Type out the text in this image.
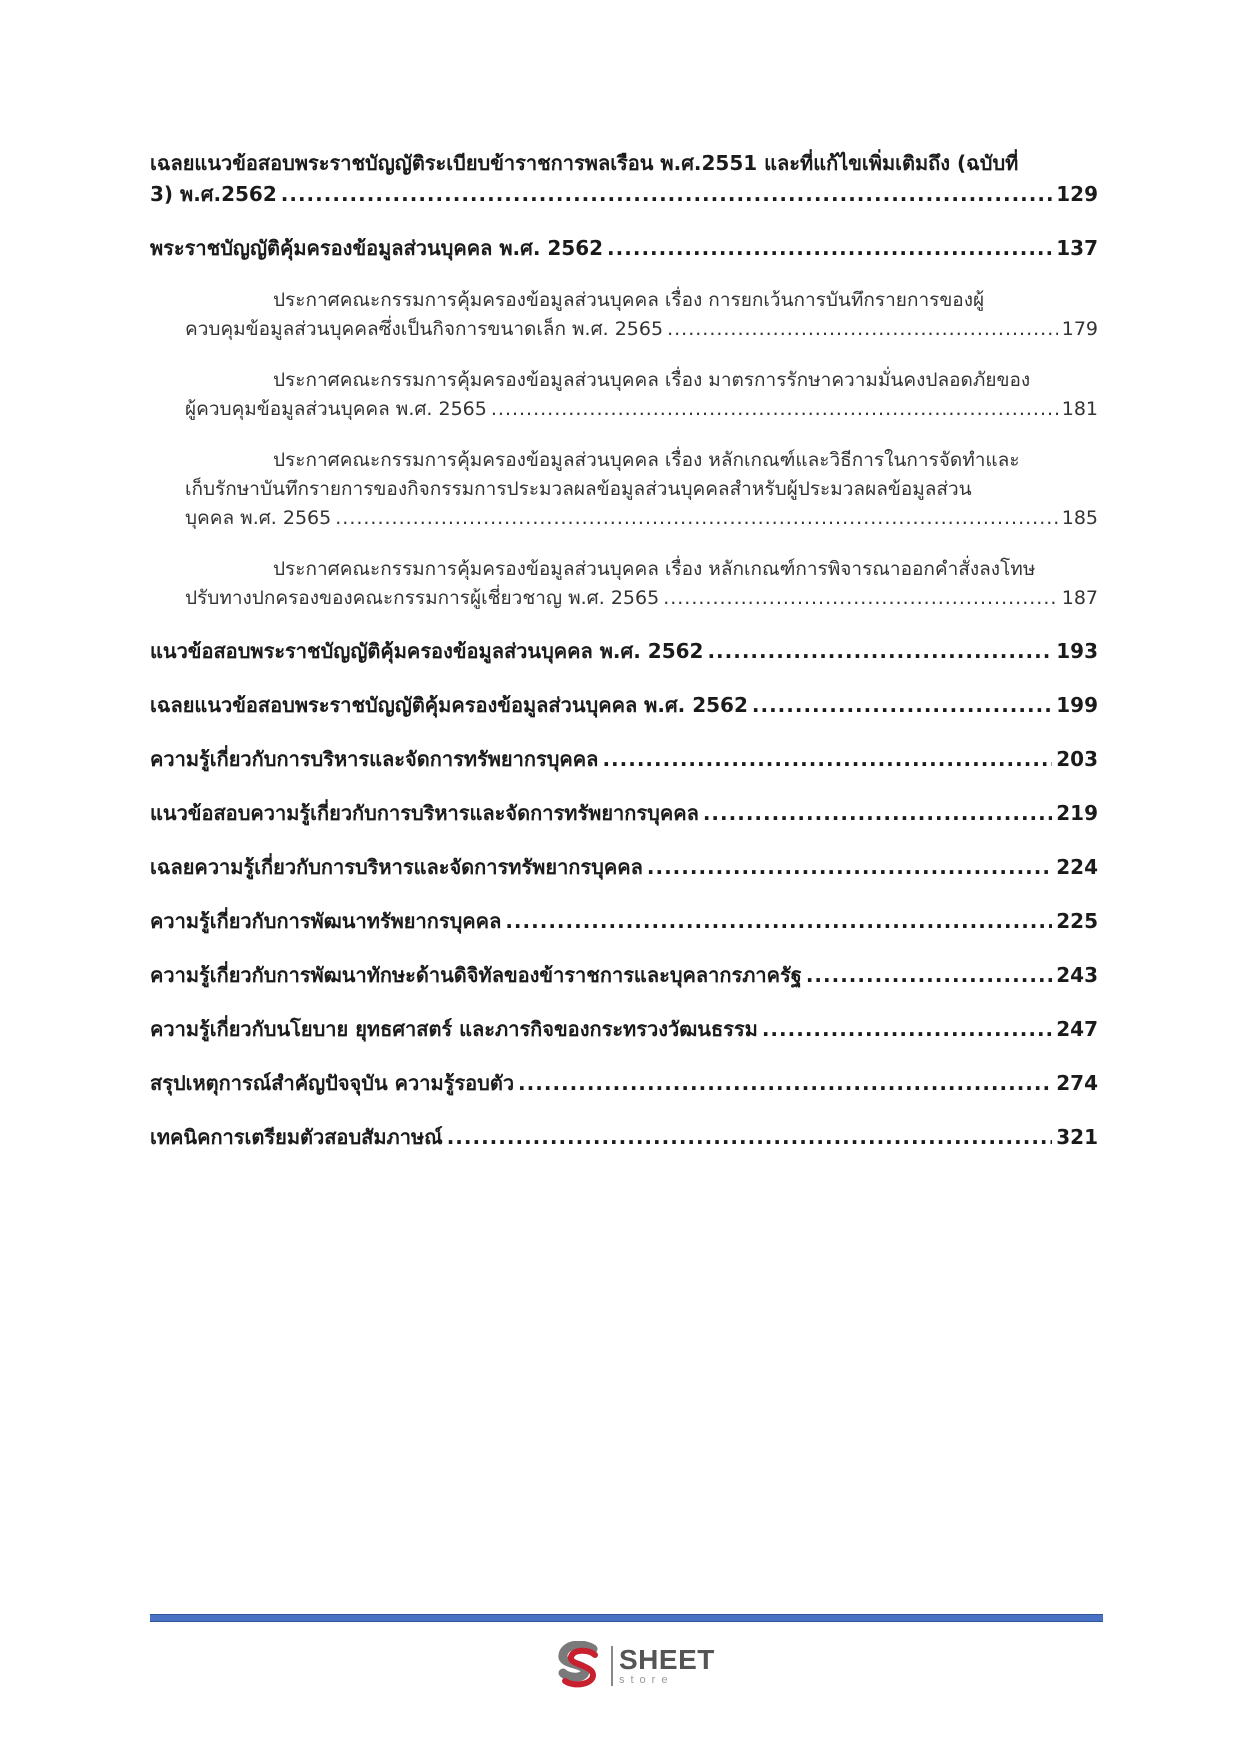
เฉลยแนวข้อสอบพระราชบัญญัติระเบียบข้าราชการพลเรือน พ.ศ.2551 และที่แก้ไขเพิ่มเติมถึง (ฉบับที่
3) พ.ศ.2562 .....	129
พระราชบัญญัติคุ้มครองข้อมูลส่วนบุคคล พ.ศ. 2562 .....	137
ประกาศคณะกรรมการคุ้มครองข้อมูลส่วนบุคคล เรื่อง การยกเว้นการบันทึกรายการของผู้
ควบคุมข้อมูลส่วนบุคคลซึ่งเป็นกิจการขนาดเล็ก พ.ศ. 2565 .....	179
ประกาศคณะกรรมการคุ้มครองข้อมูลส่วนบุคคล เรื่อง มาตรการรักษาความมั่นคงปลอดภัยของ
ผู้ควบคุมข้อมูลส่วนบุคคล พ.ศ. 2565 .....	181
ประกาศคณะกรรมการคุ้มครองข้อมูลส่วนบุคคล เรื่อง หลักเกณฑ์และวิธีการในการจัดทำและ
เก็บรักษาบันทึกรายการของกิจกรรมการประมวลผลข้อมูลส่วนบุคคลสำหรับผู้ประมวลผลข้อมูลส่วน
บุคคล พ.ศ. 2565 .....	185
ประกาศคณะกรรมการคุ้มครองข้อมูลส่วนบุคคล เรื่อง หลักเกณฑ์การพิจารณาออกคำสั่งลงโทษ
ปรับทางปกครองของคณะกรรมการผู้เชี่ยวชาญ พ.ศ. 2565 .....	187
แนวข้อสอบพระราชบัญญัติคุ้มครองข้อมูลส่วนบุคคล พ.ศ. 2562 .....	193
เฉลยแนวข้อสอบพระราชบัญญัติคุ้มครองข้อมูลส่วนบุคคล พ.ศ. 2562 .....	199
ความรู้เกี่ยวกับการบริหารและจัดการทรัพยากรบุคคล .....	203
แนวข้อสอบความรู้เกี่ยวกับการบริหารและจัดการทรัพยากรบุคคล .....	219
เฉลยความรู้เกี่ยวกับการบริหารและจัดการทรัพยากรบุคคล .....	224
ความรู้เกี่ยวกับการพัฒนาทรัพยากรบุคคล .....	225
ความรู้เกี่ยวกับการพัฒนาทักษะด้านดิจิทัลของข้าราชการและบุคลากรภาครัฐ .....	243
ความรู้เกี่ยวกับนโยบาย ยุทธศาสตร์ และภารกิจของกระทรวงวัฒนธรรม .....	247
สรุปเหตุการณ์สำคัญปัจจุบัน ความรู้รอบตัว .....	274
เทคนิคการเตรียมตัวสอบสัมภาษณ์ .....	321
SHEET
store
